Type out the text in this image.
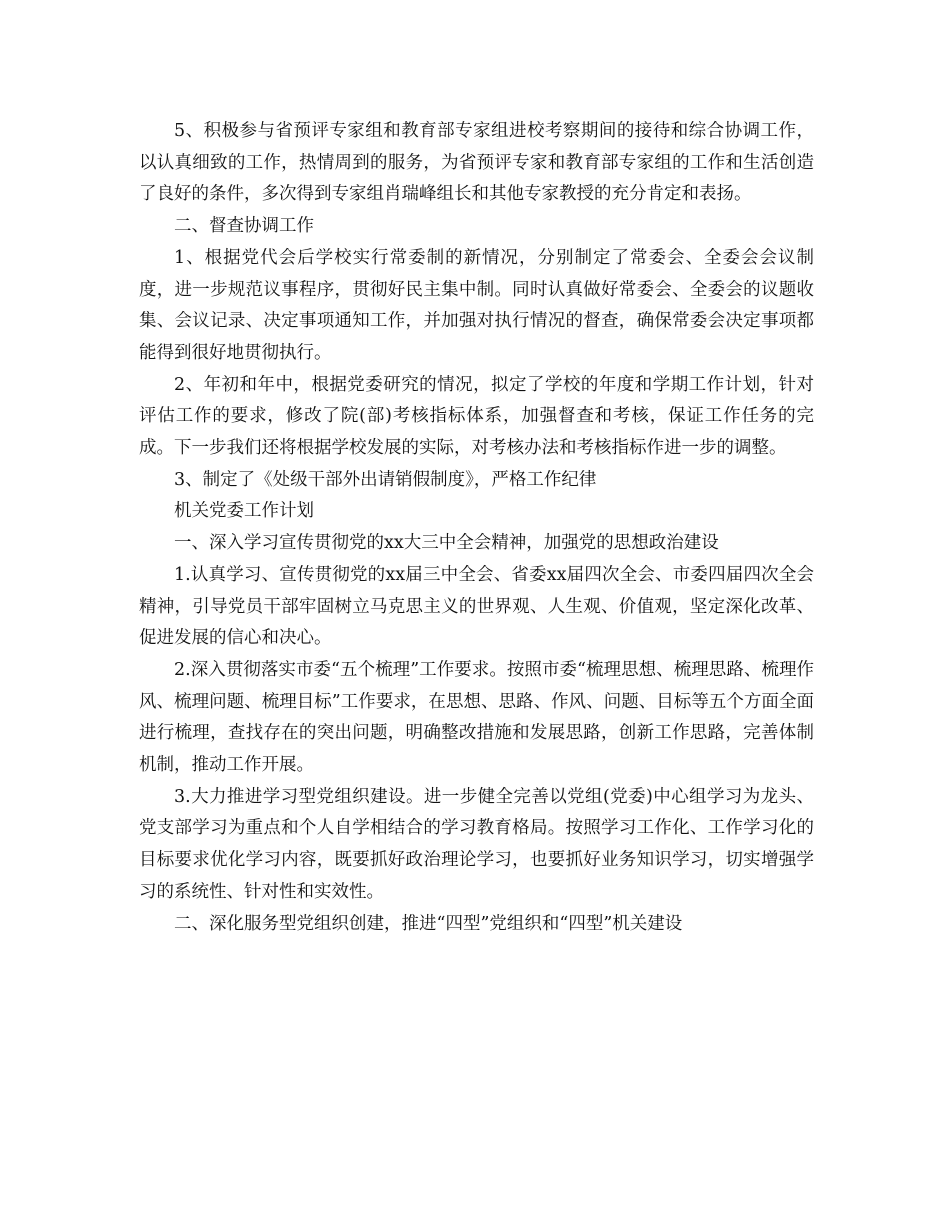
5、积极参与省预评专家组和教育部专家组进校考察期间的接待和综合协调工作，以认真细致的工作，热情周到的服务，为省预评专家和教育部专家组的工作和生活创造了良好的条件，多次得到专家组肖瑞峰组长和其他专家教授的充分肯定和表扬。

二、督查协调工作

1、根据党代会后学校实行常委制的新情况，分别制定了常委会、全委会会议制度，进一步规范议事程序，贯彻好民主集中制。同时认真做好常委会、全委会的议题收集、会议记录、决定事项通知工作，并加强对执行情况的督查，确保常委会决定事项都能得到很好地贯彻执行。

2、年初和年中，根据党委研究的情况，拟定了学校的年度和学期工作计划，针对评估工作的要求，修改了院(部)考核指标体系，加强督查和考核，保证工作任务的完成。下一步我们还将根据学校发展的实际，对考核办法和考核指标作进一步的调整。

3、制定了《处级干部外出请销假制度》，严格工作纪律

机关党委工作计划

一、深入学习宣传贯彻党的xx大三中全会精神，加强党的思想政治建设

1.认真学习、宣传贯彻党的xx届三中全会、省委xx届四次全会、市委四届四次全会精神，引导党员干部牢固树立马克思主义的世界观、人生观、价值观，坚定深化改革、促进发展的信心和决心。

2.深入贯彻落实市委“五个梳理”工作要求。按照市委“梳理思想、梳理思路、梳理作风、梳理问题、梳理目标”工作要求，在思想、思路、作风、问题、目标等五个方面全面进行梳理，查找存在的突出问题，明确整改措施和发展思路，创新工作思路，完善体制机制，推动工作开展。

3.大力推进学习型党组织建设。进一步健全完善以党组(党委)中心组学习为龙头、党支部学习为重点和个人自学相结合的学习教育格局。按照学习工作化、工作学习化的目标要求优化学习内容，既要抓好政治理论学习，也要抓好业务知识学习，切实增强学习的系统性、针对性和实效性。

二、深化服务型党组织创建，推进“四型”党组织和“四型”机关建设
